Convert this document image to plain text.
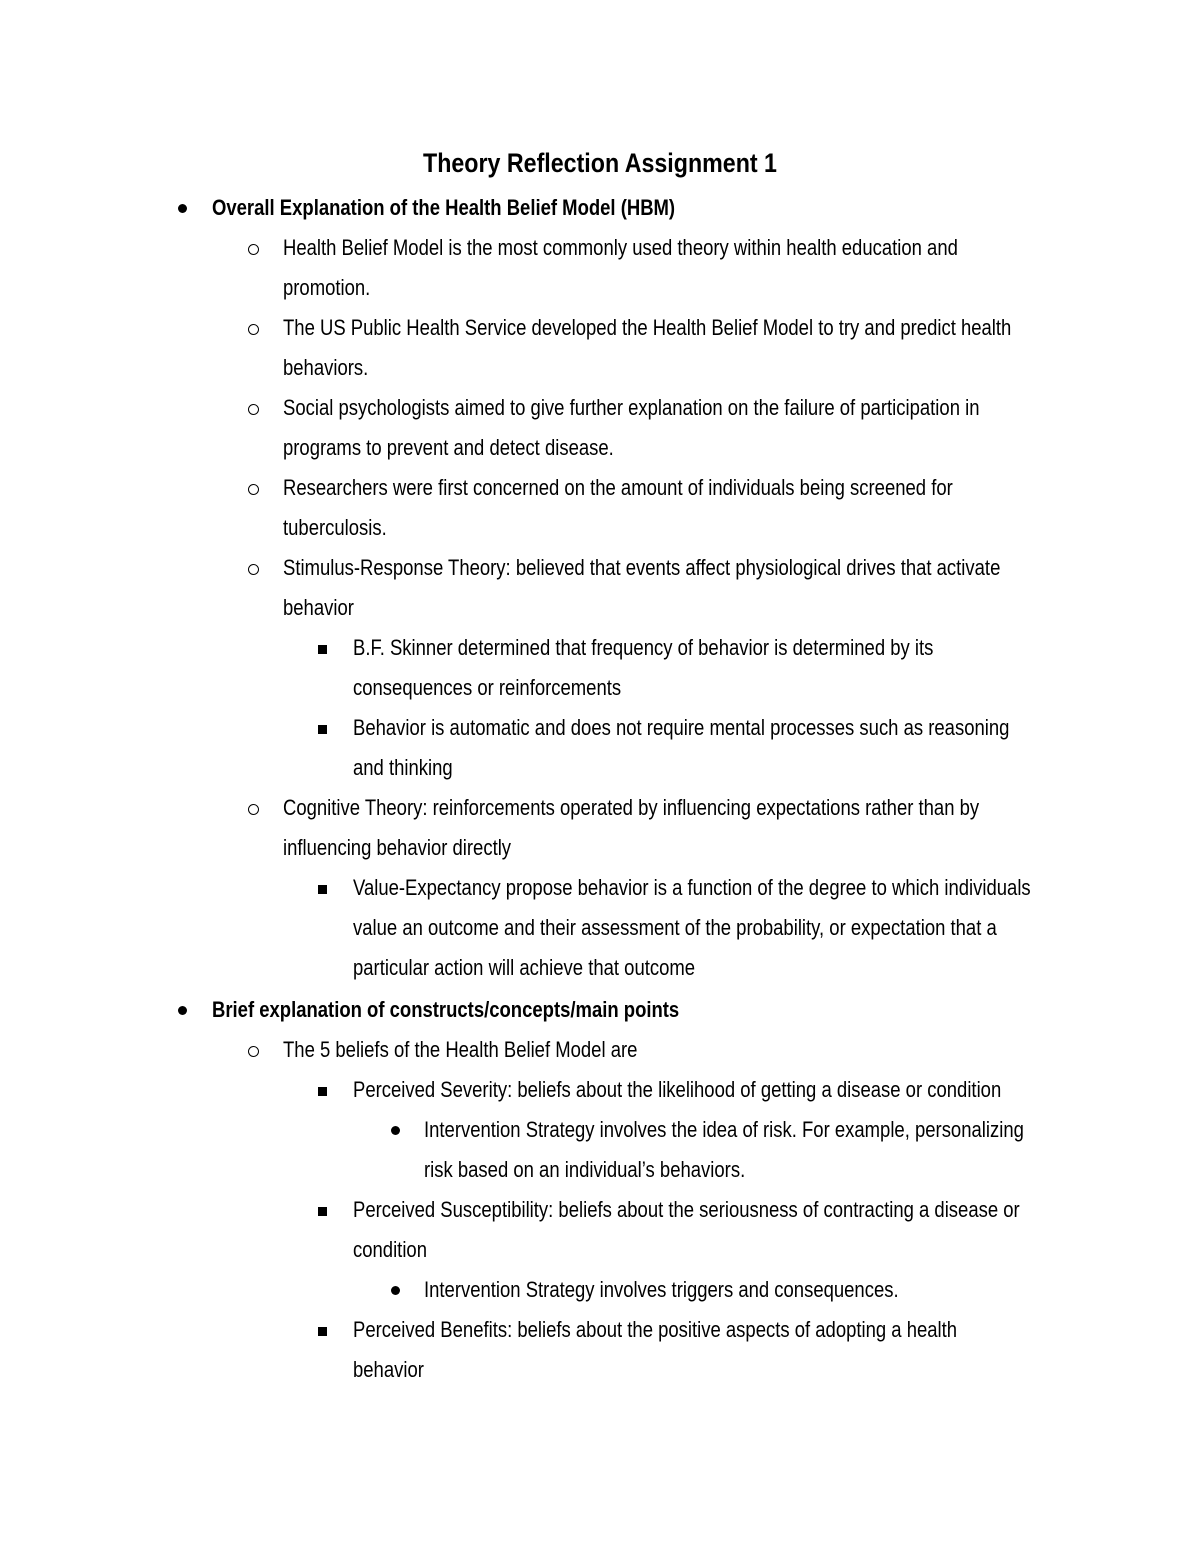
Theory Reflection Assignment 1
Overall Explanation of the Health Belief Model (HBM)
Health Belief Model is the most commonly used theory within health education and
promotion.
The US Public Health Service developed the Health Belief Model to try and predict health
behaviors.
Social psychologists aimed to give further explanation on the failure of participation in
programs to prevent and detect disease.
Researchers were first concerned on the amount of individuals being screened for
tuberculosis.
Stimulus-Response Theory: believed that events affect physiological drives that activate
behavior
B.F. Skinner determined that frequency of behavior is determined by its
consequences or reinforcements
Behavior is automatic and does not require mental processes such as reasoning
and thinking
Cognitive Theory: reinforcements operated by influencing expectations rather than by
influencing behavior directly
Value-Expectancy propose behavior is a function of the degree to which individuals
value an outcome and their assessment of the probability, or expectation that a
particular action will achieve that outcome
Brief explanation of constructs/concepts/main points
The 5 beliefs of the Health Belief Model are
Perceived Severity: beliefs about the likelihood of getting a disease or condition
Intervention Strategy involves the idea of risk. For example, personalizing
risk based on an individual’s behaviors.
Perceived Susceptibility: beliefs about the seriousness of contracting a disease or
condition
Intervention Strategy involves triggers and consequences.
Perceived Benefits: beliefs about the positive aspects of adopting a health
behavior
